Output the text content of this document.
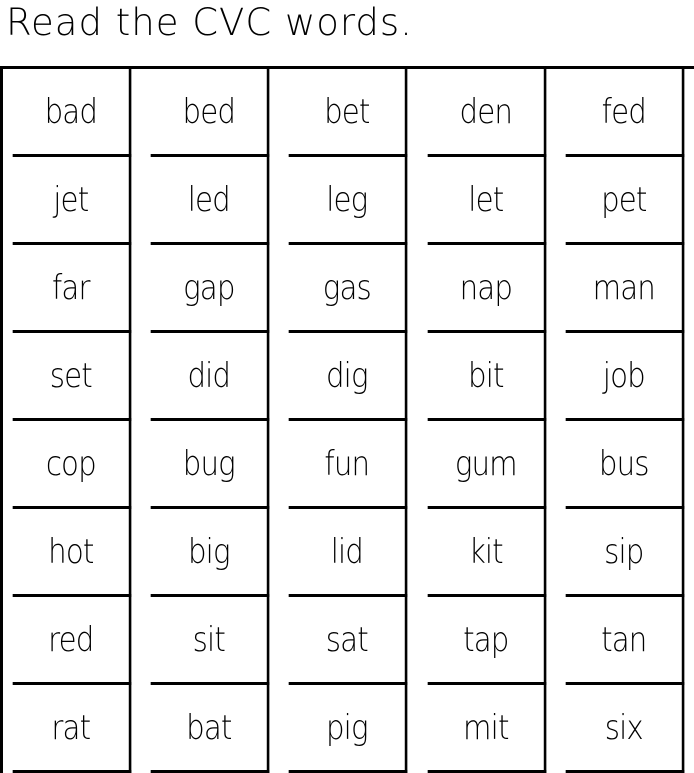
Read the CVC words.
bad	bed	bet	den	fed
jet	led	leg	let	pet
far	gap	gas	nap	man
set	did	dig	bit	job
cop	bug	fun	gum	bus
hot	big	lid	kit	sip
red	sit	sat	tap	tan
rat	bat	pig	mit	six
